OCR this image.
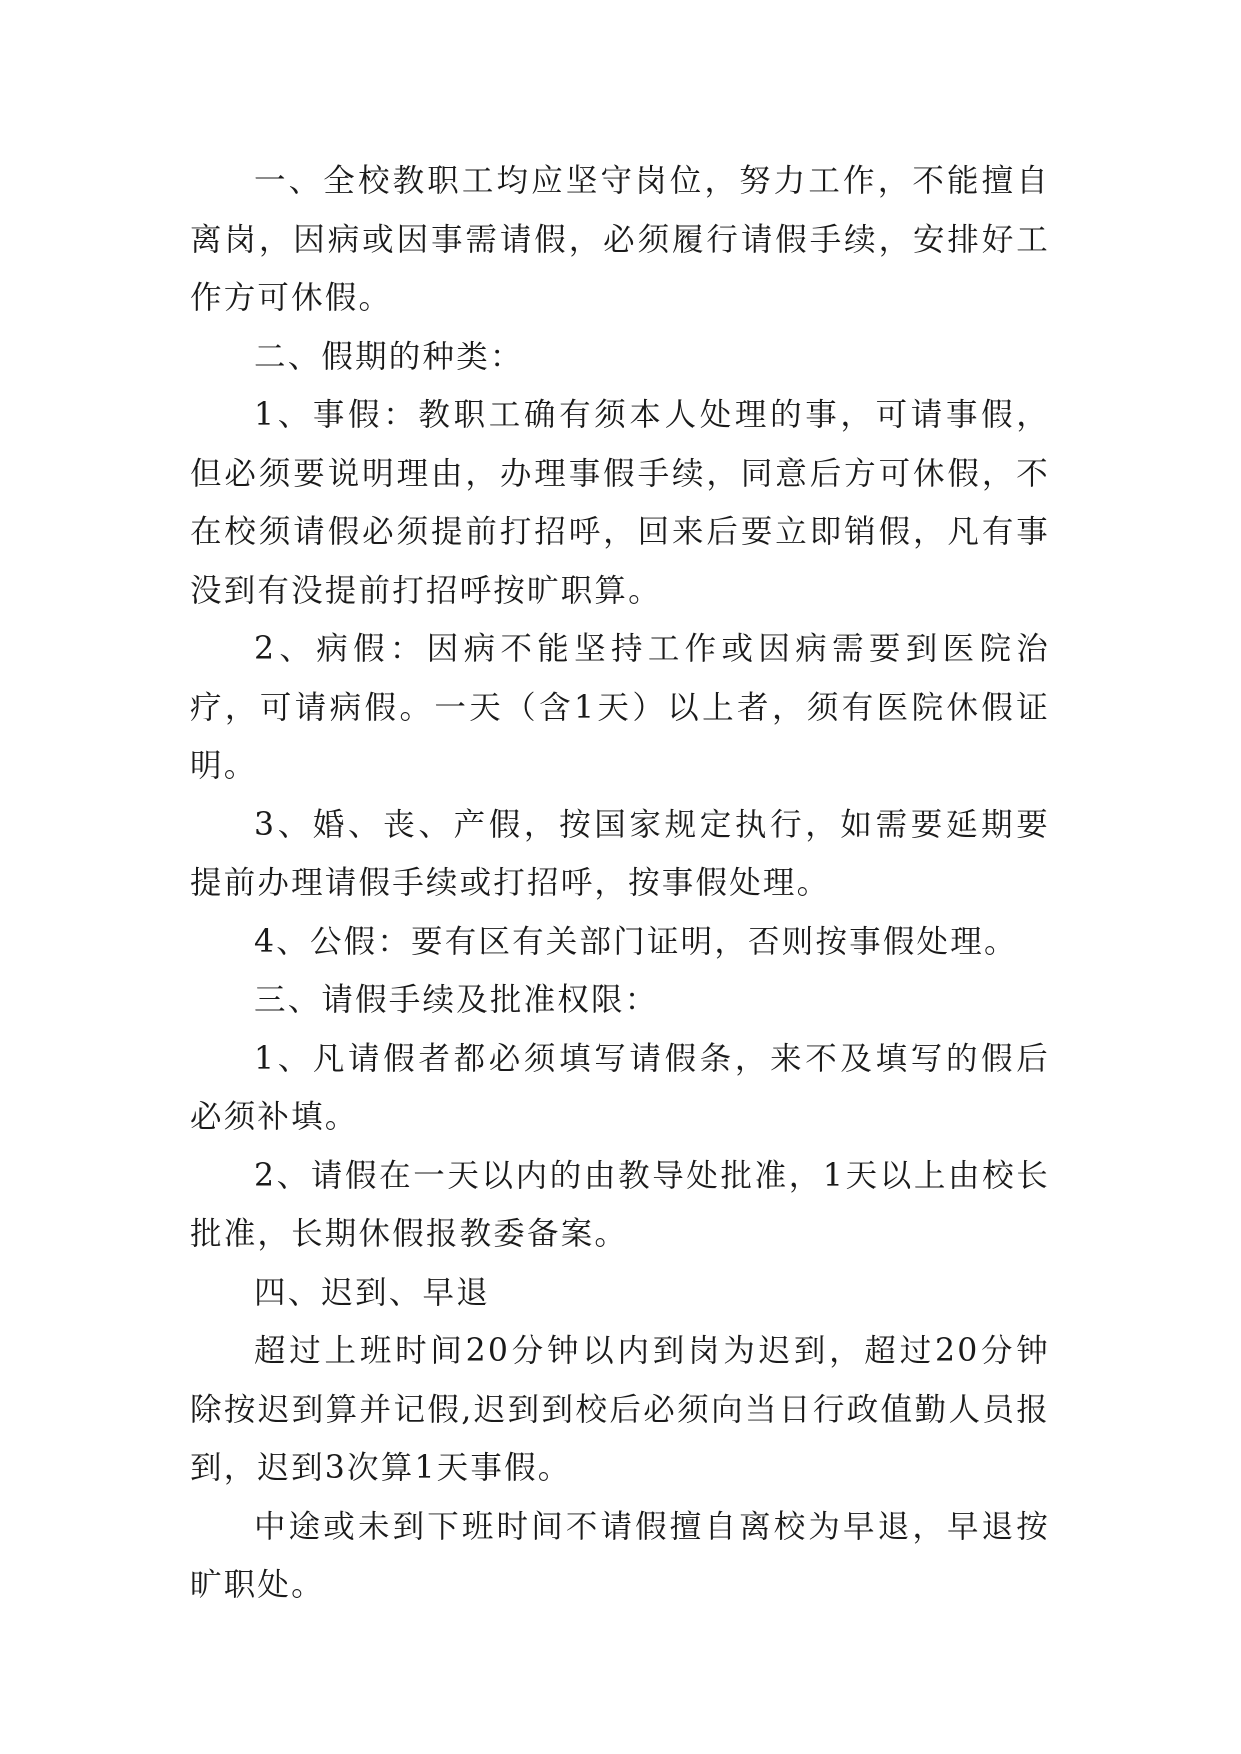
一、全校教职工均应坚守岗位，努力工作，不能擅自离岗，因病或因事需请假，必须履行请假手续，安排好工作方可休假。

二、假期的种类：

1、事假：教职工确有须本人处理的事，可请事假，但必须要说明理由，办理事假手续，同意后方可休假，不在校须请假必须提前打招呼，回来后要立即销假，凡有事没到有没提前打招呼按旷职算。

2、病假：因病不能坚持工作或因病需要到医院治疗，可请病假。一天（含1天）以上者，须有医院休假证明。

3、婚、丧、产假，按国家规定执行，如需要延期要提前办理请假手续或打招呼，按事假处理。

4、公假：要有区有关部门证明，否则按事假处理。

三、请假手续及批准权限：

1、凡请假者都必须填写请假条，来不及填写的假后必须补填。

2、请假在一天以内的由教导处批准，1天以上由校长批准，长期休假报教委备案。

四、迟到、早退

超过上班时间20分钟以内到岗为迟到，超过20分钟除按迟到算并记假,迟到到校后必须向当日行政值勤人员报到，迟到3次算1天事假。

中途或未到下班时间不请假擅自离校为早退，早退按旷职处。
